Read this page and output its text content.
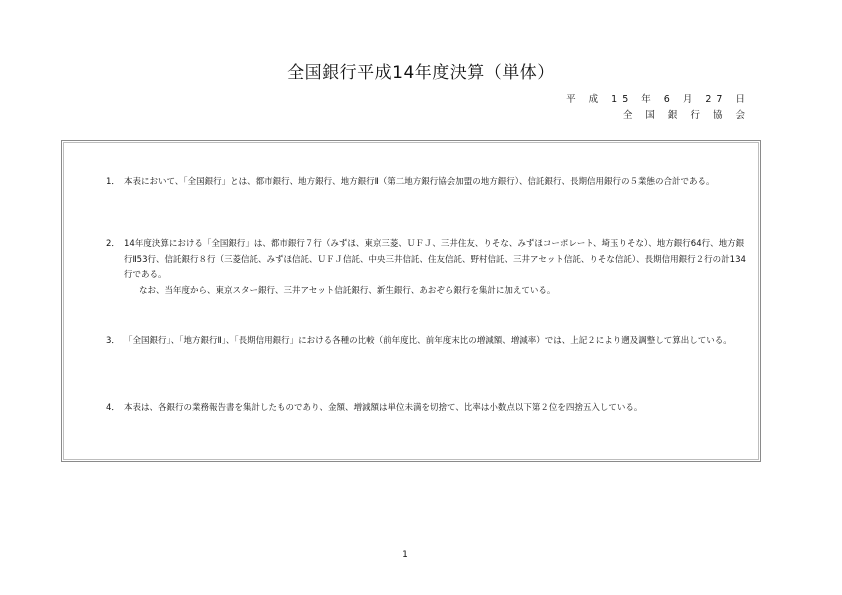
全国銀行平成14年度決算（単体）
平 成 15 年 6 月 27 日
全 国 銀 行 協 会
1． 本表において、「全国銀行」とは、都市銀行、地方銀行、地方銀行Ⅱ（第二地方銀行協会加盟の地方銀行）、信託銀行、長期信用銀行の５業態の合計である。
2． 14年度決算における「全国銀行」は、都市銀行７行（みずほ、東京三菱、ＵＦＪ、三井住友、りそな、みずほコーポレート、埼玉りそな）、地方銀行64行、地方銀行Ⅱ53行、信託銀行８行（三菱信託、みずほ信託、ＵＦＪ信託、中央三井信託、住友信託、野村信託、三井アセット信託、りそな信託）、長期信用銀行２行の計134行である。
なお、当年度から、東京スター銀行、三井アセット信託銀行、新生銀行、あおぞら銀行を集計に加えている。
3． 「全国銀行」、「地方銀行Ⅱ」、「長期信用銀行」における各種の比較（前年度比、前年度末比の増減額、増減率）では、上記２により遡及調整して算出している。
4． 本表は、各銀行の業務報告書を集計したものであり、金額、増減額は単位未満を切捨て、比率は小数点以下第２位を四捨五入している。
1
